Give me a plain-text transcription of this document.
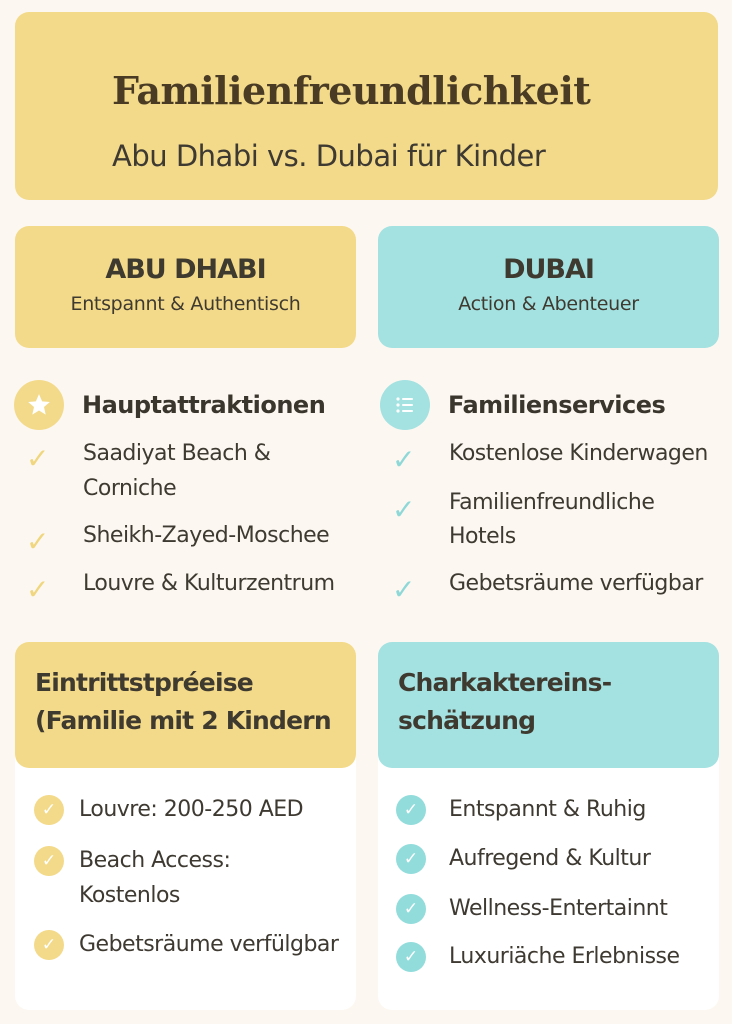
Familienfreundlichkeit
Abu Dhabi vs. Dubai für Kinder
ABU DHABI
Entspannt & Authentisch
DUBAI
Action & Abenteuer
Hauptattraktionen
✓ Saadiyat Beach &
Corniche
✓ Sheikh-Zayed-Moschee
✓ Louvre & Kulturzentrum
Familienservices
✓ Kostenlose Kinderwagen
✓ Familienfreundliche
Hotels
✓ Gebetsräume verfügbar
Eintrittstpréeise
(Familie mit 2 Kindern
✓	Louvre: 200-250 AED
✓	Beach Access:
Kostenlos
✓	Gebetsräume verfülgbar
Charkaktereins-
schätzung
✓	Entspannt & Ruhig
✓	Aufregend & Kultur
✓	Wellness-Entertainnt
✓	Luxuriäche Erlebnisse
